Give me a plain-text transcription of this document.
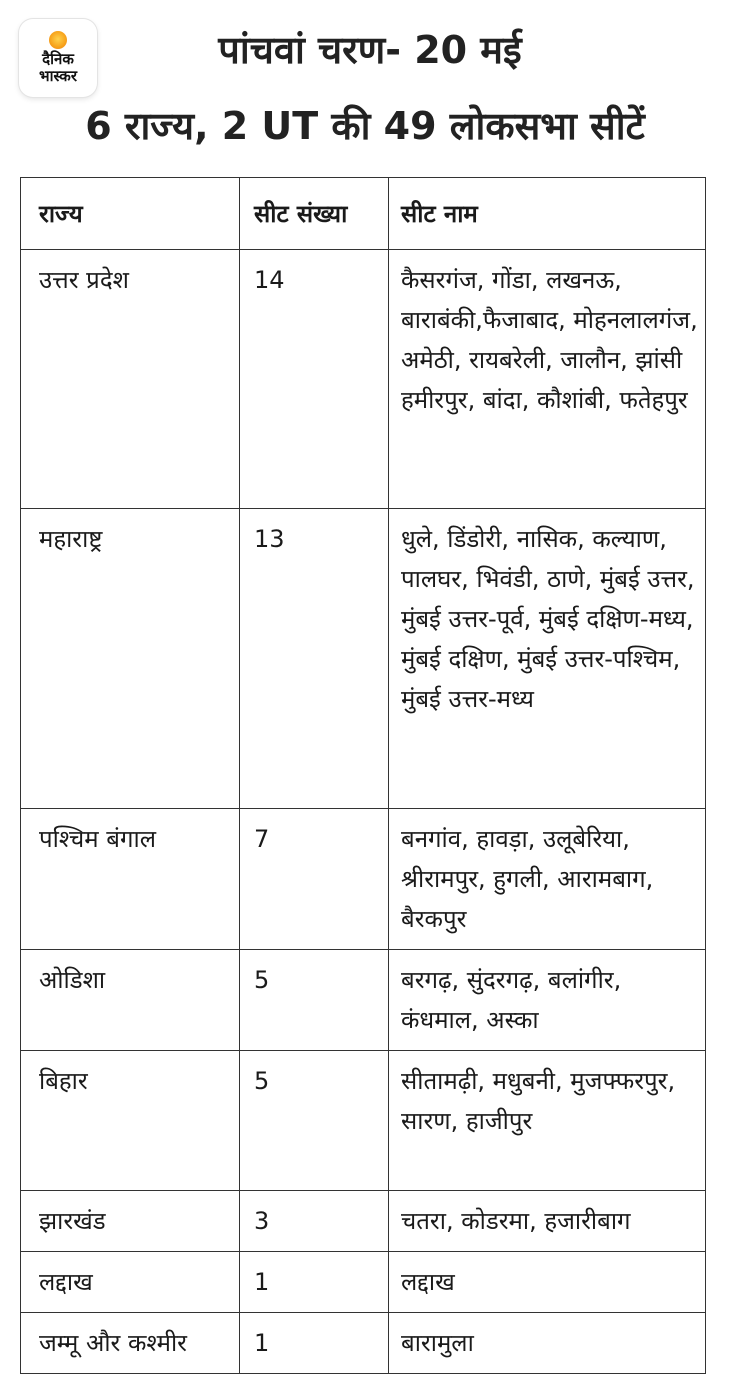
दैनिक
भास्कर
पांचवां चरण- 20 मई
6 राज्य, 2 UT की 49 लोकसभा सीटें
राज्य	सीट संख्या	सीट नाम
उत्तर प्रदेश	14	कैसरगंज, गोंडा, लखनऊ, बाराबंकी,फैजाबाद, मोहनलालगंज, अमेठी, रायबरेली, जालौन, झांसी हमीरपुर, बांदा, कौशांबी, फतेहपुर
महाराष्ट्र	13	धुले, डिंडोरी, नासिक, कल्याण, पालघर, भिवंडी, ठाणे, मुंबई उत्तर, मुंबई उत्तर-पूर्व, मुंबई दक्षिण-मध्य, मुंबई दक्षिण, मुंबई उत्तर-पश्चिम, मुंबई उत्तर-मध्य
पश्चिम बंगाल	7	बनगांव, हावड़ा, उलूबेरिया, श्रीरामपुर, हुगली, आरामबाग, बैरकपुर
ओडिशा	5	बरगढ़, सुंदरगढ़, बलांगीर, कंधमाल, अस्का
बिहार	5	सीतामढ़ी, मधुबनी, मुजफ्फरपुर, सारण, हाजीपुर
झारखंड	3	चतरा, कोडरमा, हजारीबाग
लद्दाख	1	लद्दाख
जम्मू और कश्मीर	1	बारामुला
